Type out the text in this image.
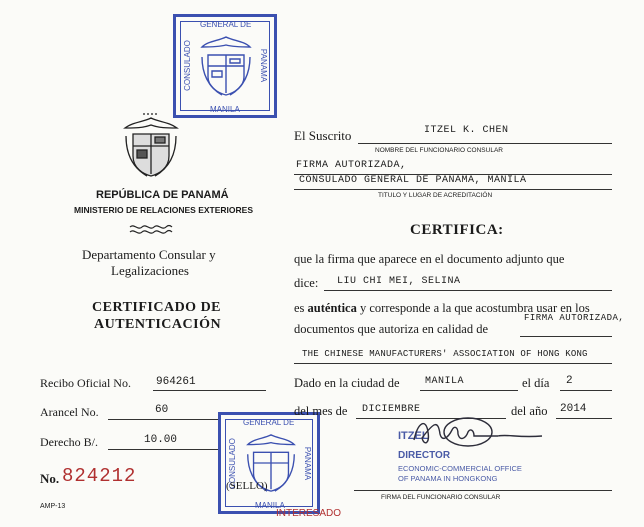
GENERAL DE
CONSULADO	PANAMA
MANILA
REPÚBLICA DE PANAMÁ
MINISTERIO DE RELACIONES EXTERIORES
Departamento Consular y
Legalizaciones
CERTIFICADO DE
AUTENTICACIÓN
Recibo Oficial No. 964261
Arancel No.	60
Derecho B/.	10.00
No. 824212
AMP-13
GENERAL DE
CONSULADO	PANAMA
MANILA
(SELLO)
INTERESADO
El Suscrito	ITZEL K. CHEN
NOMBRE DEL FUNCIONARIO CONSULAR
FIRMA AUTORIZADA,
CONSULADO GENERAL DE PANAMA, MANILA
TITULO Y LUGAR DE ACREDITACIÓN
CERTIFICA:
que la firma que aparece en el documento adjunto que
dice: LIU CHI MEI, SELINA
es auténtica y corresponde a la que acostumbra usar en los
FIRMA AUTORIZADA,
documentos que autoriza en calidad de
THE CHINESE MANUFACTURERS' ASSOCIATION OF HONG KONG
Dado en la ciudad de	MANILA	el día 2
del mes de DICIEMBRE	del año 2014
ITZEL
DIRECTOR
ECONOMIC-COMMERCIAL OFFICE
OF PANAMA IN HONGKONG
FIRMA DEL FUNCIONARIO CONSULAR
